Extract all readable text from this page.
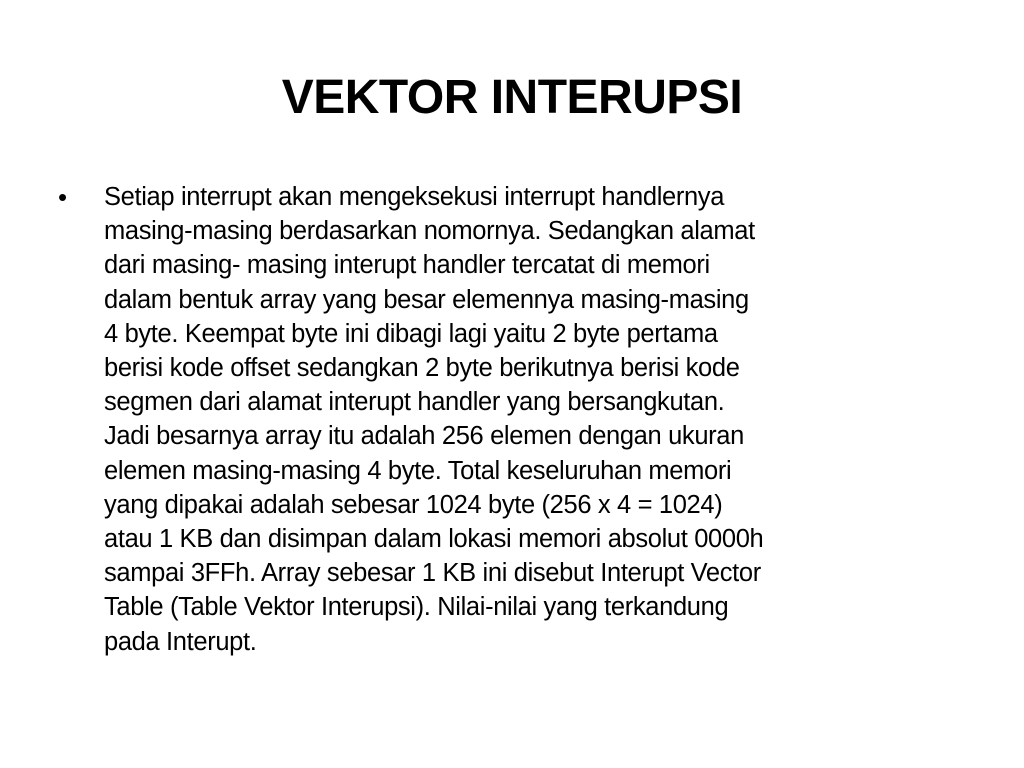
VEKTOR INTERUPSI
•	Setiap interrupt akan mengeksekusi interrupt handlernya
masing-masing berdasarkan nomornya. Sedangkan alamat
dari masing- masing interupt handler tercatat di memori
dalam bentuk array yang besar elemennya masing-masing
4 byte. Keempat byte ini dibagi lagi yaitu 2 byte pertama
berisi kode offset sedangkan 2 byte berikutnya berisi kode
segmen dari alamat interupt handler yang bersangkutan.
Jadi besarnya array itu adalah 256 elemen dengan ukuran
elemen masing-masing 4 byte. Total keseluruhan memori
yang dipakai adalah sebesar 1024 byte (256 x 4 = 1024)
atau 1 KB dan disimpan dalam lokasi memori absolut 0000h
sampai 3FFh. Array sebesar 1 KB ini disebut Interupt Vector
Table (Table Vektor Interupsi). Nilai-nilai yang terkandung
pada Interupt.
